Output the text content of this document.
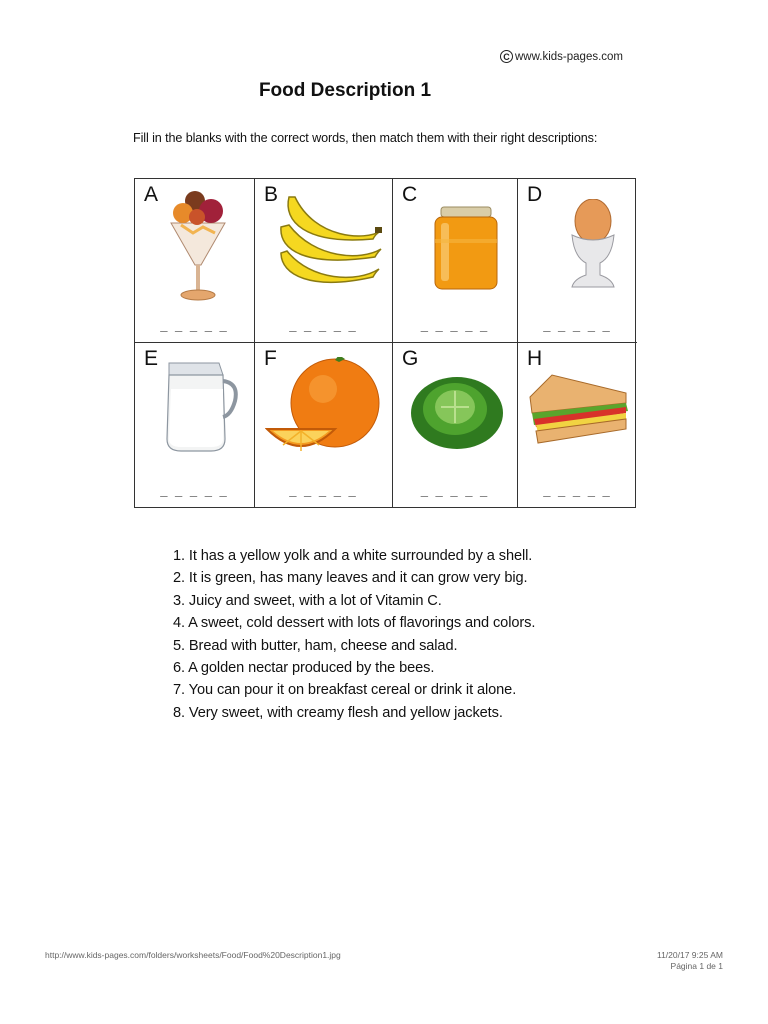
C www.kids-pages.com
Food Description 1
Fill in the blanks with the correct words, then match them with their right descriptions:
A
_ _ _ _ _
B
_ _ _ _ _
C
_ _ _ _ _
D
_ _ _ _ _
E
_ _ _ _ _
F
_ _ _ _ _
G
_ _ _ _ _
H
_ _ _ _ _
1. It has a yellow yolk and a white surrounded by a shell.
2. It is green, has many leaves and it can grow very big.
3. Juicy and sweet, with a lot of Vitamin C.
4. A sweet, cold dessert with lots of flavorings and colors.
5. Bread with butter, ham, cheese and salad.
6. A golden nectar produced by the bees.
7. You can pour it on breakfast cereal or drink it alone.
8. Very sweet, with creamy flesh and yellow jackets.
http://www.kids-pages.com/folders/worksheets/Food/Food%20Description1.jpg	11/20/17 9:25 AM
Página 1 de 1
